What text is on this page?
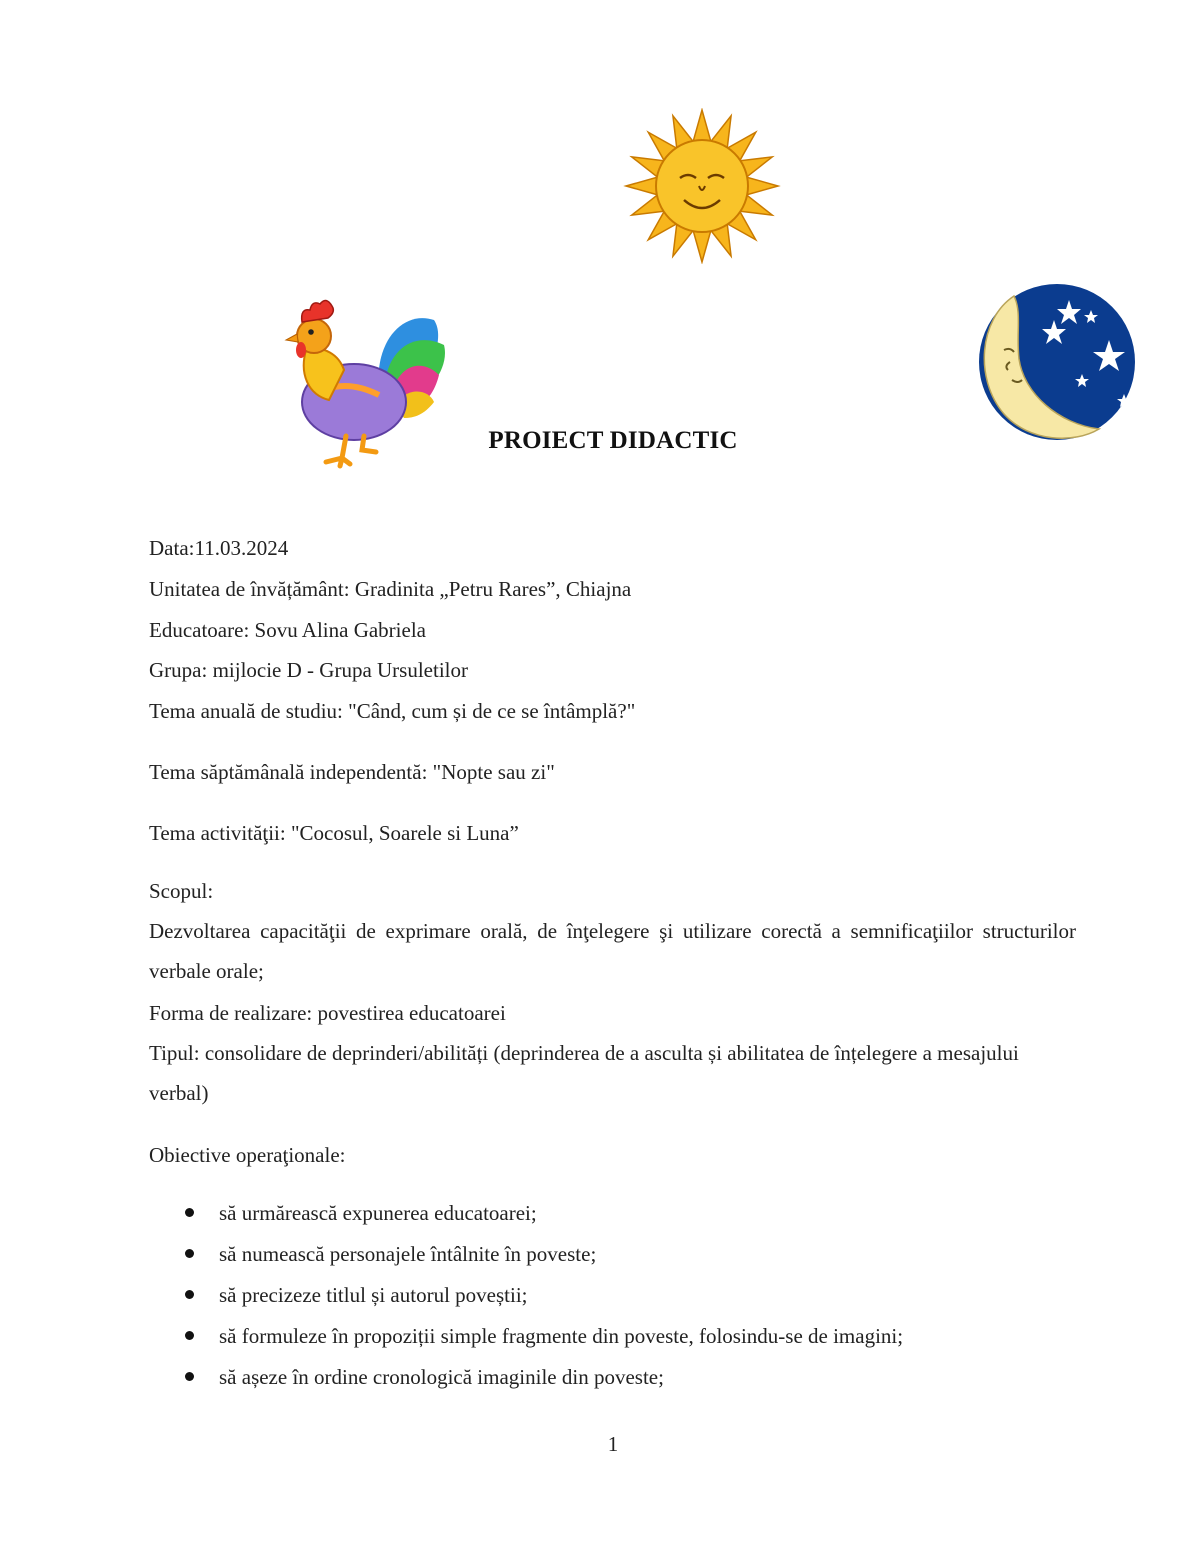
PROIECT DIDACTIC
Data:11.03.2024
Unitatea de învățământ: Gradinita „Petru Rares”, Chiajna
Educatoare: Sovu Alina Gabriela
Grupa: mijlocie D - Grupa Ursuletilor
Tema anuală de studiu: "Când, cum și de ce se întâmplă?"
Tema săptămânală independentă: "Nopte sau zi"
Tema activităţii: "Cocosul, Soarele si Luna”
Scopul:
Dezvoltarea capacităţii de exprimare orală, de înţelegere şi utilizare corectă a semnificaţiilor structurilor verbale orale;
Forma de realizare: povestirea educatoarei
Tipul: consolidare de deprinderi/abilități (deprinderea de a asculta și abilitatea de înțelegere a mesajului verbal)
Obiective operaţionale:
să urmărească expunerea educatoarei;
să numească personajele întâlnite în poveste;
să precizeze titlul și autorul poveștii;
să formuleze în propoziții simple fragmente din poveste, folosindu-se de imagini;
să așeze în ordine cronologică imaginile din poveste;
1
